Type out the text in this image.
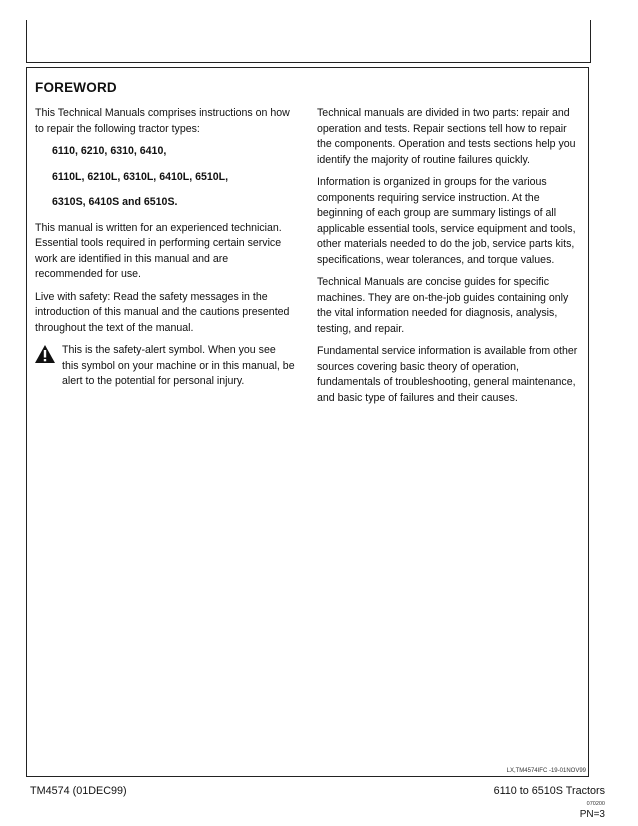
FOREWORD

This Technical Manuals comprises instructions on how to repair the following tractor types:

6110, 6210, 6310, 6410,

6110L, 6210L, 6310L, 6410L, 6510L,

6310S, 6410S and 6510S.

This manual is written for an experienced technician. Essential tools required in performing certain service work are identified in this manual and are recommended for use.

Live with safety: Read the safety messages in the introduction of this manual and the cautions presented throughout the text of the manual.

This is the safety-alert symbol. When you see this symbol on your machine or in this manual, be alert to the potential for personal injury.

Technical manuals are divided in two parts: repair and operation and tests. Repair sections tell how to repair the components. Operation and tests sections help you identify the majority of routine failures quickly.

Information is organized in groups for the various components requiring service instruction. At the beginning of each group are summary listings of all applicable essential tools, service equipment and tools, other materials needed to do the job, service parts kits, specifications, wear tolerances, and torque values.

Technical Manuals are concise guides for specific machines. They are on-the-job guides containing only the vital information needed for diagnosis, analysis, testing, and repair.

Fundamental service information is available from other sources covering basic theory of operation, fundamentals of troubleshooting, general maintenance, and basic type of failures and their causes.

LX,TM4574IFC -19-01NOV99
TM4574 (01DEC99)	6110 to 6510S Tractors
070200
PN=3
